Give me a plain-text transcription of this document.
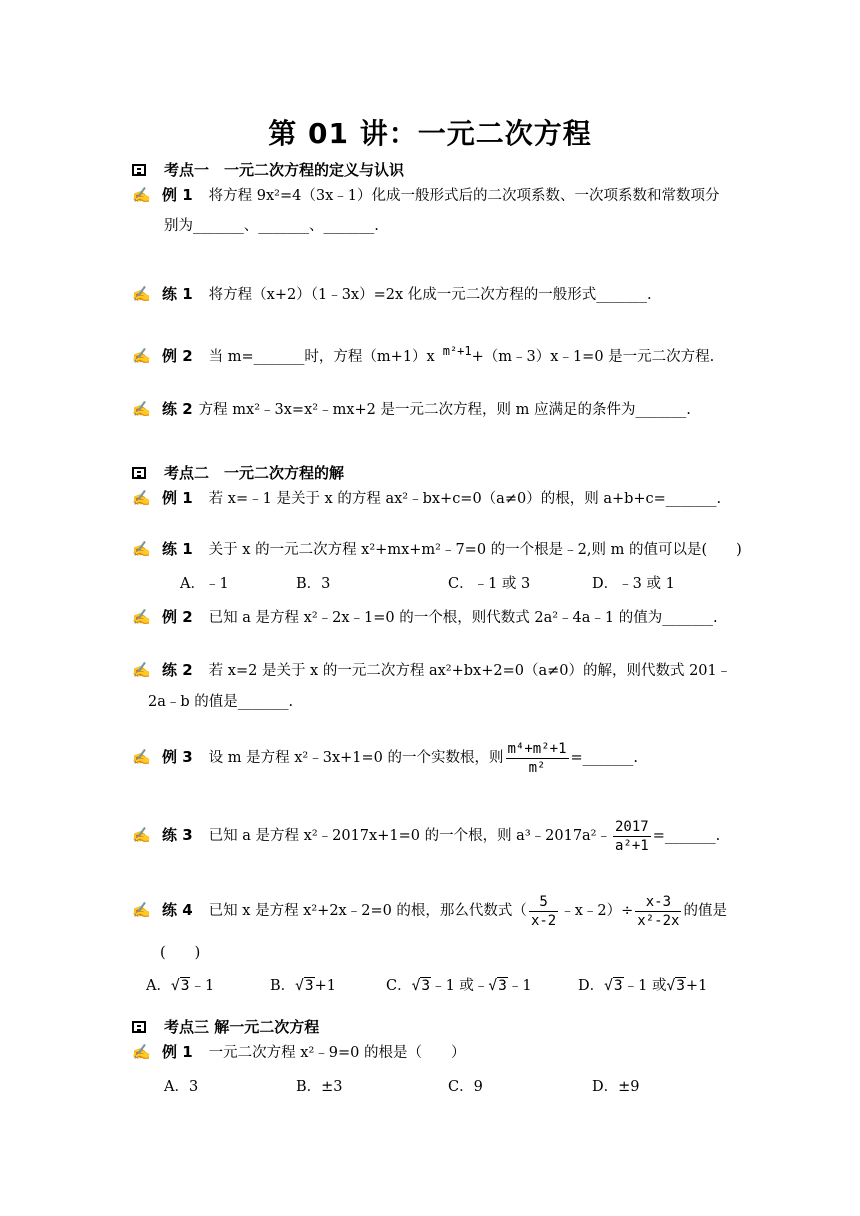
第 01 讲：一元二次方程
考点一　一元二次方程的定义与认识
✍ 例 1 将方程 9x²=4（3x﹣1）化成一般形式后的二次项系数、一次项系数和常数项分
别为_______、_______、_______.
✍ 练 1 将方程（x+2）（1﹣3x）=2x 化成一元二次方程的一般形式_______.
✍ 例 2 当 m=_______时，方程（m+1）x $^{m^2+1}$+（m﹣3）x﹣1=0 是一元二次方程.
✍ 练 2 方程 mx²﹣3x=x²﹣mx+2 是一元二次方程，则 m 应满足的条件为_______.
考点二　一元二次方程的解
✍ 例 1 若 x=﹣1 是关于 x 的方程 ax²﹣bx+c=0（a≠0）的根，则 a+b+c=_______.
✍ 练 1 关于 x 的一元二次方程 x²+mx+m²﹣7=0 的一个根是﹣2,则 m 的值可以是(　　)
A．﹣1	B．3	C．﹣1 或 3	D．﹣3 或 1
✍ 例 2 已知 a 是方程 x²﹣2x﹣1=0 的一个根，则代数式 2a²﹣4a﹣1 的值为_______.
✍ 练 2 若 x=2 是关于 x 的一元二次方程 ax²+bx+2=0（a≠0）的解，则代数式 201﹣
2a﹣b 的值是_______.
✍ 例 3 设 m 是方程 x²﹣3x+1=0 的一个实数根，则 $\frac{\text{m⁴+m²+1}}{\text{m²}}$ =_______.
✍ 练 3 已知 a 是方程 x²﹣2017x+1=0 的一个根，则 a³﹣2017a²﹣ $\frac{2017}{\text{a²+1}}$ =_______.
✍ 练 4 已知 x 是方程 x²+2x﹣2=0 的根，那么代数式（ $\frac{5}{x-2}$ ﹣x﹣2）÷ $\frac{x-3}{\text{x²-2x}}$ 的值是
(　　)
A．√3﹣1	B．√3+1	C．√3﹣1 或﹣√3﹣1	D．√3﹣1 或√3+1
考点三 解一元二次方程
✍ 例 1 一元二次方程 x²﹣9=0 的根是（　　）
A．3	B．±3	C．9	D．±9
